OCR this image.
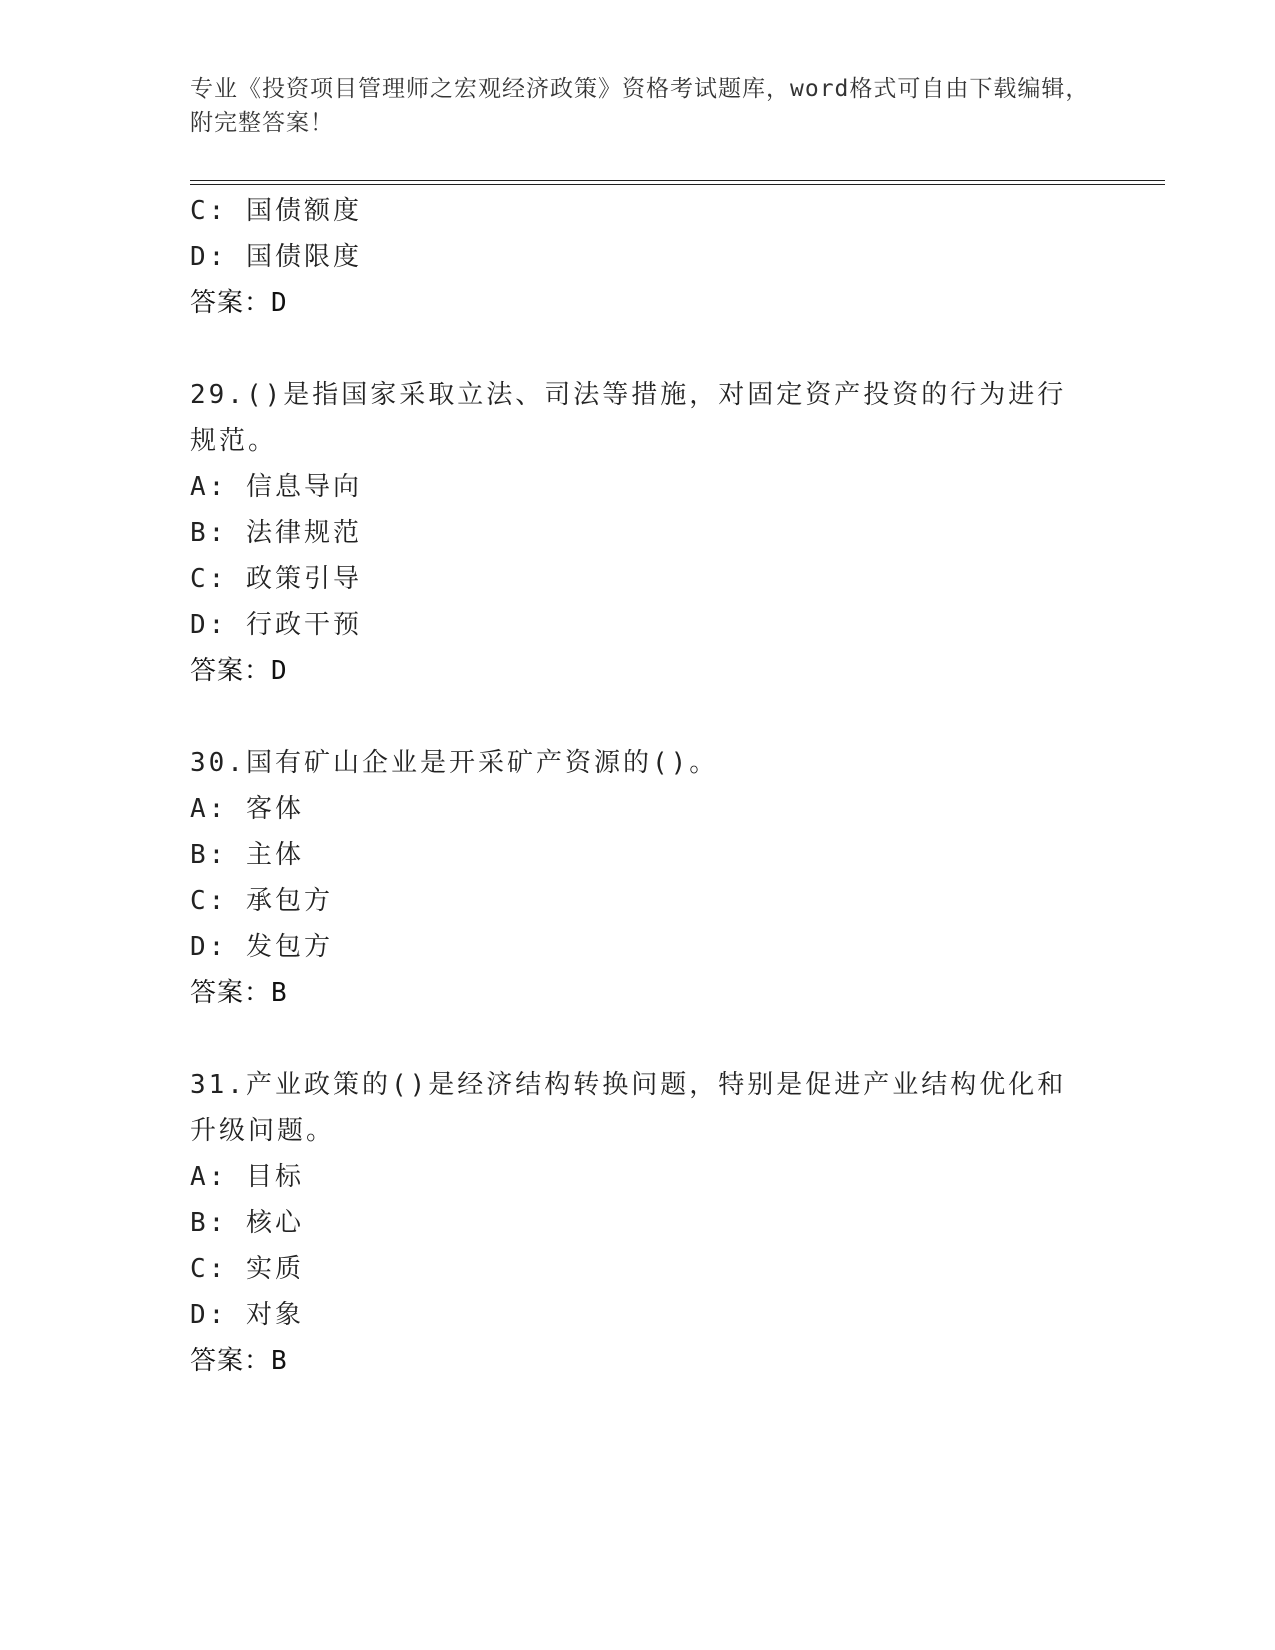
专业《投资项目管理师之宏观经济政策》资格考试题库，word格式可自由下载编辑，附完整答案！
C: 国债额度
D: 国债限度
答案：D
29.()是指国家采取立法、司法等措施，对固定资产投资的行为进行规范。
A: 信息导向
B: 法律规范
C: 政策引导
D: 行政干预
答案：D
30.国有矿山企业是开采矿产资源的()。
A: 客体
B: 主体
C: 承包方
D: 发包方
答案：B
31.产业政策的()是经济结构转换问题，特别是促进产业结构优化和升级问题。
A: 目标
B: 核心
C: 实质
D: 对象
答案：B
